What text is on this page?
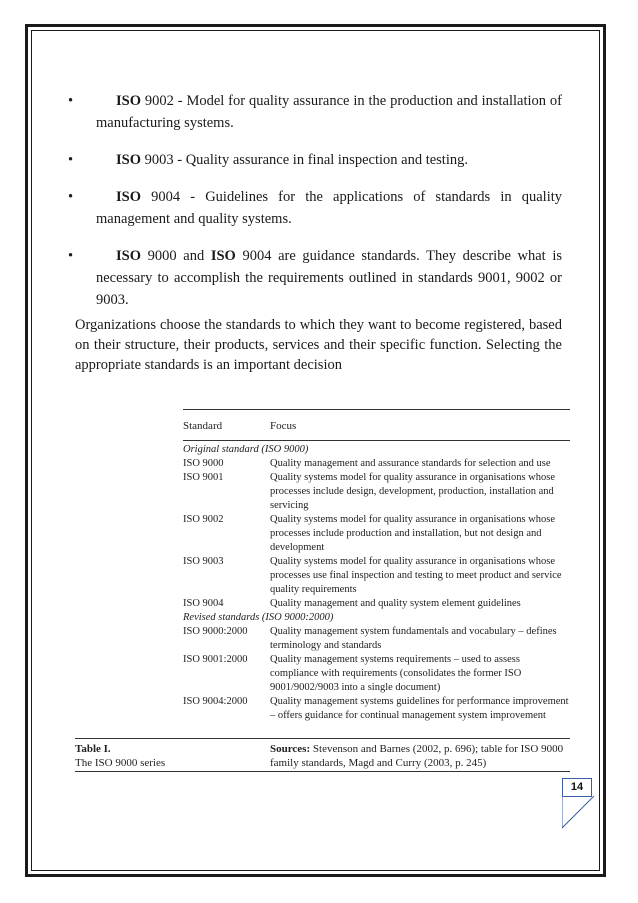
•	ISO 9002 - Model for quality assurance in the production and installation of manufacturing systems.
•	ISO 9003 - Quality assurance in final inspection and testing.
•	ISO 9004 - Guidelines for the applications of standards in quality management and quality systems.
•	ISO 9000 and ISO 9004 are guidance standards. They describe what is necessary to accomplish the requirements outlined in standards 9001, 9002 or 9003.

Organizations choose the standards to which they want to become registered, based on their structure, their products, services and their specific function. Selecting the appropriate standards is an important decision

Standard	Focus
Original standard (ISO 9000)
ISO 9000	Quality management and assurance standards for selection and use
ISO 9001	Quality systems model for quality assurance in organisations whose processes include design, development, production, installation and servicing
ISO 9002	Quality systems model for quality assurance in organisations whose processes include production and installation, but not design and development
ISO 9003	Quality systems model for quality assurance in organisations whose processes use final inspection and testing to meet product and service quality requirements
ISO 9004	Quality management and quality system element guidelines
Revised standards (ISO 9000:2000)
ISO 9000:2000	Quality management system fundamentals and vocabulary – defines terminology and standards
ISO 9001:2000	Quality management systems requirements – used to assess compliance with requirements (consolidates the former ISO 9001/9002/9003 into a single document)
ISO 9004:2000	Quality management systems guidelines for performance improvement – offers guidance for continual management system improvement
Table I.
The ISO 9000 series
Sources: Stevenson and Barnes (2002, p. 696); table for ISO 9000 family standards, Magd and Curry (2003, p. 245)
14
